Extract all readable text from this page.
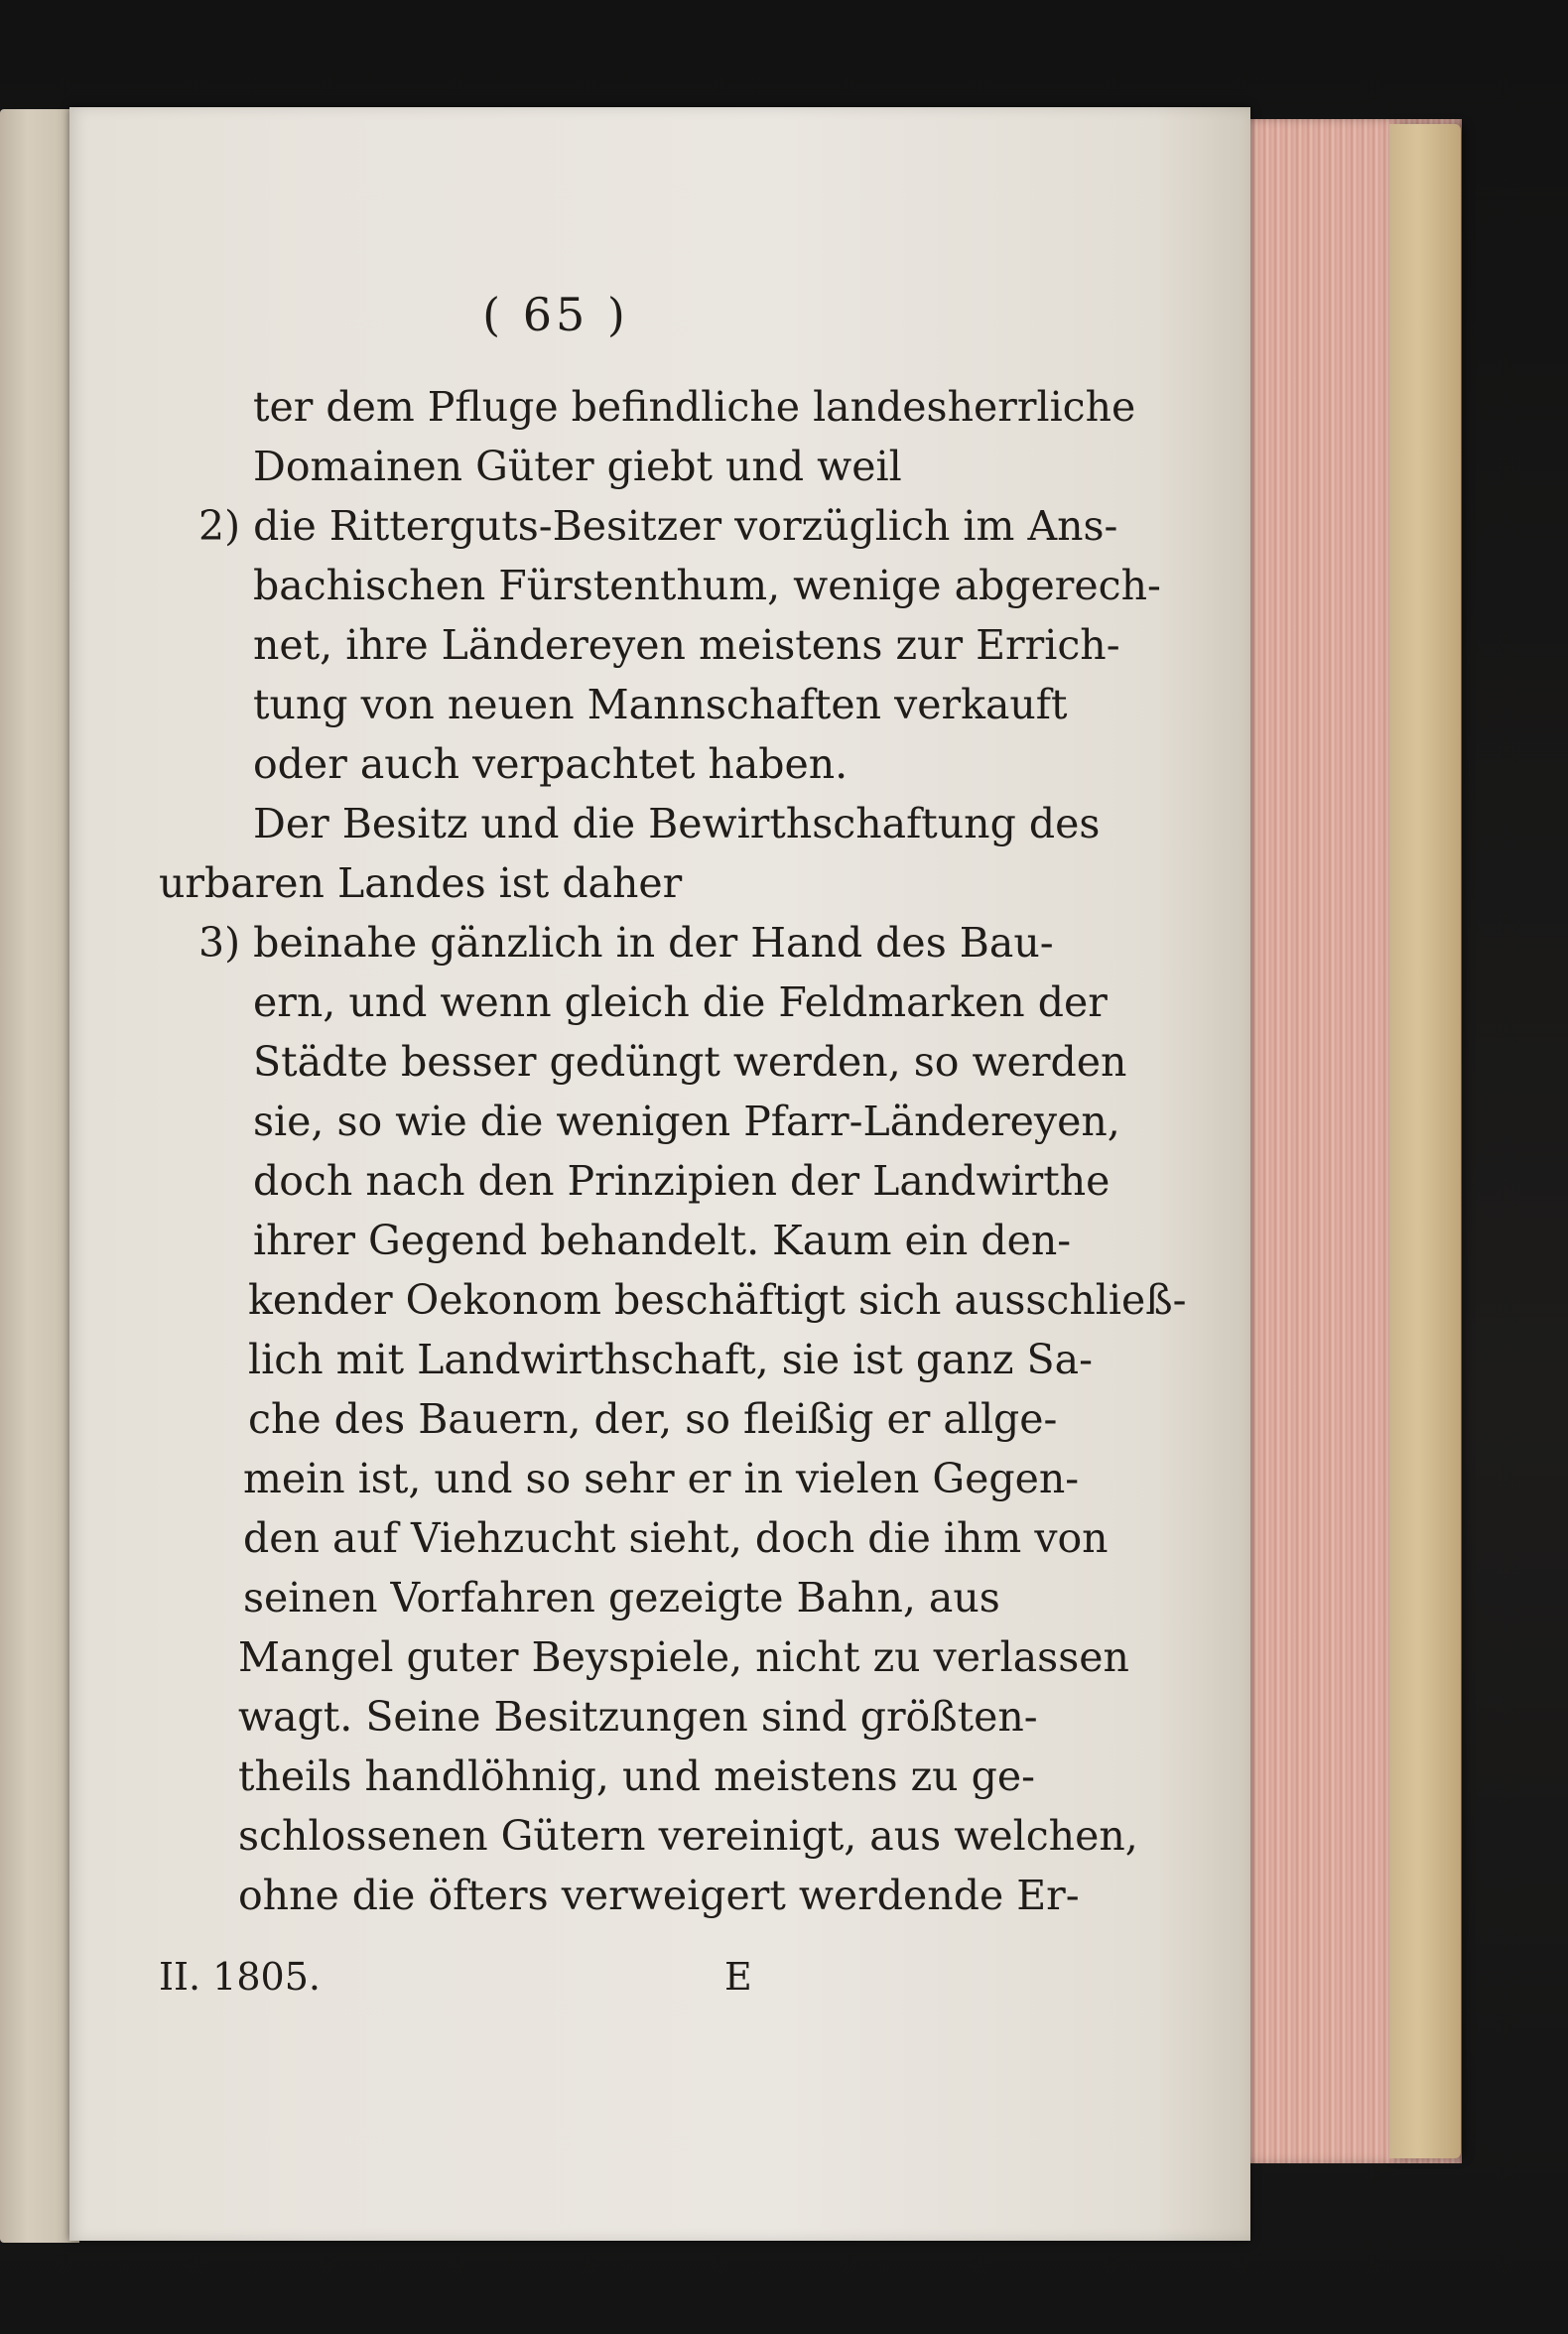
( 65 )
ter dem Pfluge befindliche landesherrliche
Domainen Güter giebt und weil
2) die Ritterguts-Besitzer vorzüglich im Ans-
bachischen Fürstenthum, wenige abgerech-
net, ihre Ländereyen meistens zur Errich-
tung von neuen Mannschaften verkauft
oder auch verpachtet haben.
Der Besitz und die Bewirthschaftung des
urbaren Landes ist daher
3) beinahe gänzlich in der Hand des Bau-
ern, und wenn gleich die Feldmarken der
Städte besser gedüngt werden, so werden
sie, so wie die wenigen Pfarr-Ländereyen,
doch nach den Prinzipien der Landwirthe
ihrer Gegend behandelt. Kaum ein den-
kender Oekonom beschäftigt sich ausschließ-
lich mit Landwirthschaft, sie ist ganz Sa-
che des Bauern, der, so fleißig er allge-
mein ist, und so sehr er in vielen Gegen-
den auf Viehzucht sieht, doch die ihm von
seinen Vorfahren gezeigte Bahn, aus
Mangel guter Beyspiele, nicht zu verlassen
wagt. Seine Besitzungen sind größten-
theils handlöhnig, und meistens zu ge-
schlossenen Gütern vereinigt, aus welchen,
ohne die öfters verweigert werdende Er-
II. 1805.	E
